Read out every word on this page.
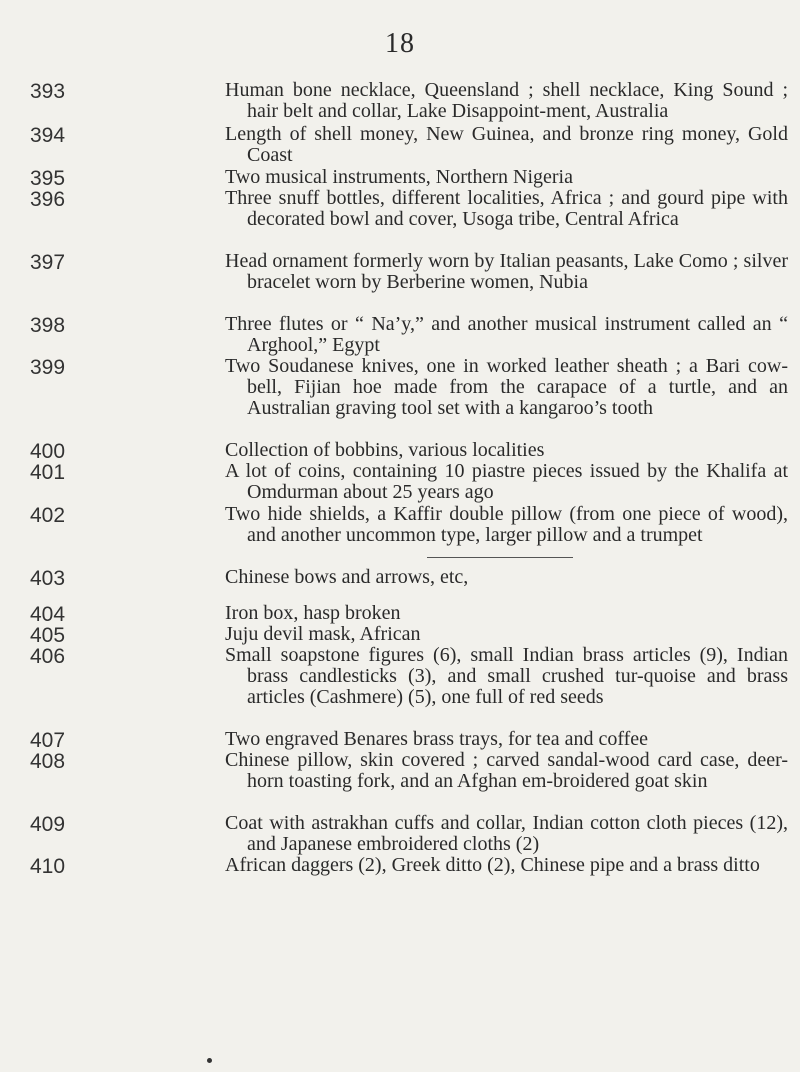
18
393	Human bone necklace, Queensland ; shell necklace, King Sound ; hair belt and collar, Lake Disappoint-ment, Australia
394	Length of shell money, New Guinea, and bronze ring money, Gold Coast
395	Two musical instruments, Northern Nigeria
396	Three snuff bottles, different localities, Africa ; and gourd pipe with decorated bowl and cover, Usoga tribe, Central Africa
397	Head ornament formerly worn by Italian peasants, Lake Como ; silver bracelet worn by Berberine women, Nubia
398	Three flutes or “ Na’y,” and another musical instrument called an “ Arghool,” Egypt
399	Two Soudanese knives, one in worked leather sheath ; a Bari cow-bell, Fijian hoe made from the carapace of a turtle, and an Australian graving tool set with a kangaroo’s tooth
400	Collection of bobbins, various localities
401	A lot of coins, containing 10 piastre pieces issued by the Khalifa at Omdurman about 25 years ago
402	Two hide shields, a Kaffir double pillow (from one piece of wood), and another uncommon type, larger pillow and a trumpet
403	Chinese bows and arrows, etc,
404	Iron box, hasp broken
405	Juju devil mask, African
406	Small soapstone figures (6), small Indian brass articles (9), Indian brass candlesticks (3), and small crushed tur-quoise and brass articles (Cashmere) (5), one full of red seeds
407	Two engraved Benares brass trays, for tea and coffee
408	Chinese pillow, skin covered ; carved sandal-wood card case, deer-horn toasting fork, and an Afghan em-broidered goat skin
409	Coat with astrakhan cuffs and collar, Indian cotton cloth pieces (12), and Japanese embroidered cloths (2)
410	African daggers (2), Greek ditto (2), Chinese pipe and a brass ditto
